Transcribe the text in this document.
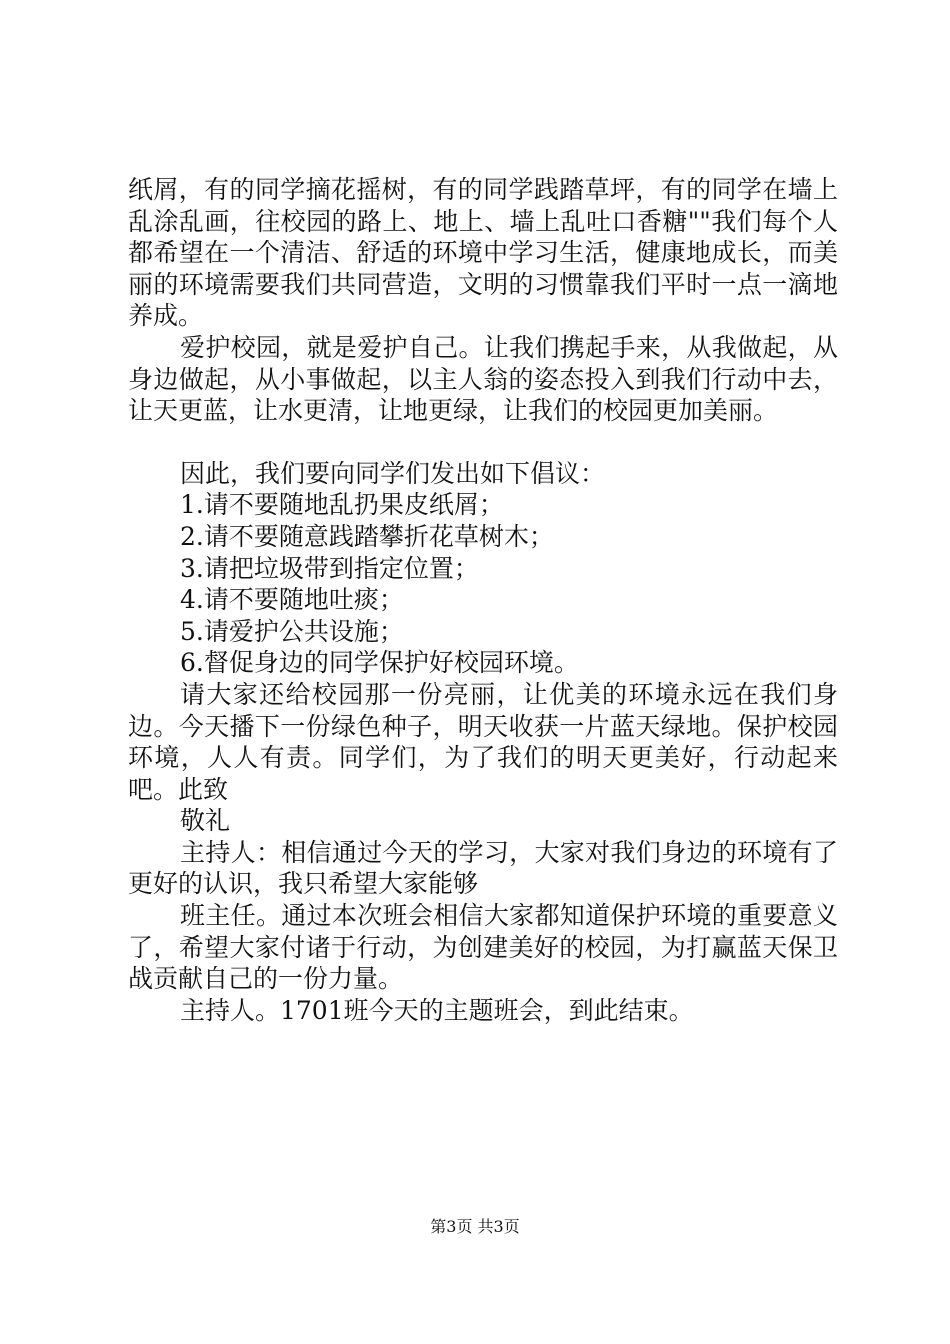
纸屑，有的同学摘花摇树，有的同学践踏草坪，有的同学在墙上乱涂乱画，往校园的路上、地上、墙上乱吐口香糖""我们每个人都希望在一个清洁、舒适的环境中学习生活，健康地成长，而美丽的环境需要我们共同营造，文明的习惯靠我们平时一点一滴地养成。

爱护校园，就是爱护自己。让我们携起手来，从我做起，从身边做起，从小事做起，以主人翁的姿态投入到我们行动中去，让天更蓝，让水更清，让地更绿，让我们的校园更加美丽。

因此，我们要向同学们发出如下倡议：

1.请不要随地乱扔果皮纸屑；

2.请不要随意践踏攀折花草树木；

3.请把垃圾带到指定位置；

4.请不要随地吐痰；

5.请爱护公共设施；

6.督促身边的同学保护好校园环境。

请大家还给校园那一份亮丽，让优美的环境永远在我们身边。今天播下一份绿色种子，明天收获一片蓝天绿地。保护校园环境，人人有责。同学们，为了我们的明天更美好，行动起来吧。此致

敬礼

主持人：相信通过今天的学习，大家对我们身边的环境有了更好的认识，我只希望大家能够

班主任。通过本次班会相信大家都知道保护环境的重要意义了，希望大家付诸于行动，为创建美好的校园，为打赢蓝天保卫战贡献自己的一份力量。

主持人。1701班今天的主题班会，到此结束。

第3页 共3页
